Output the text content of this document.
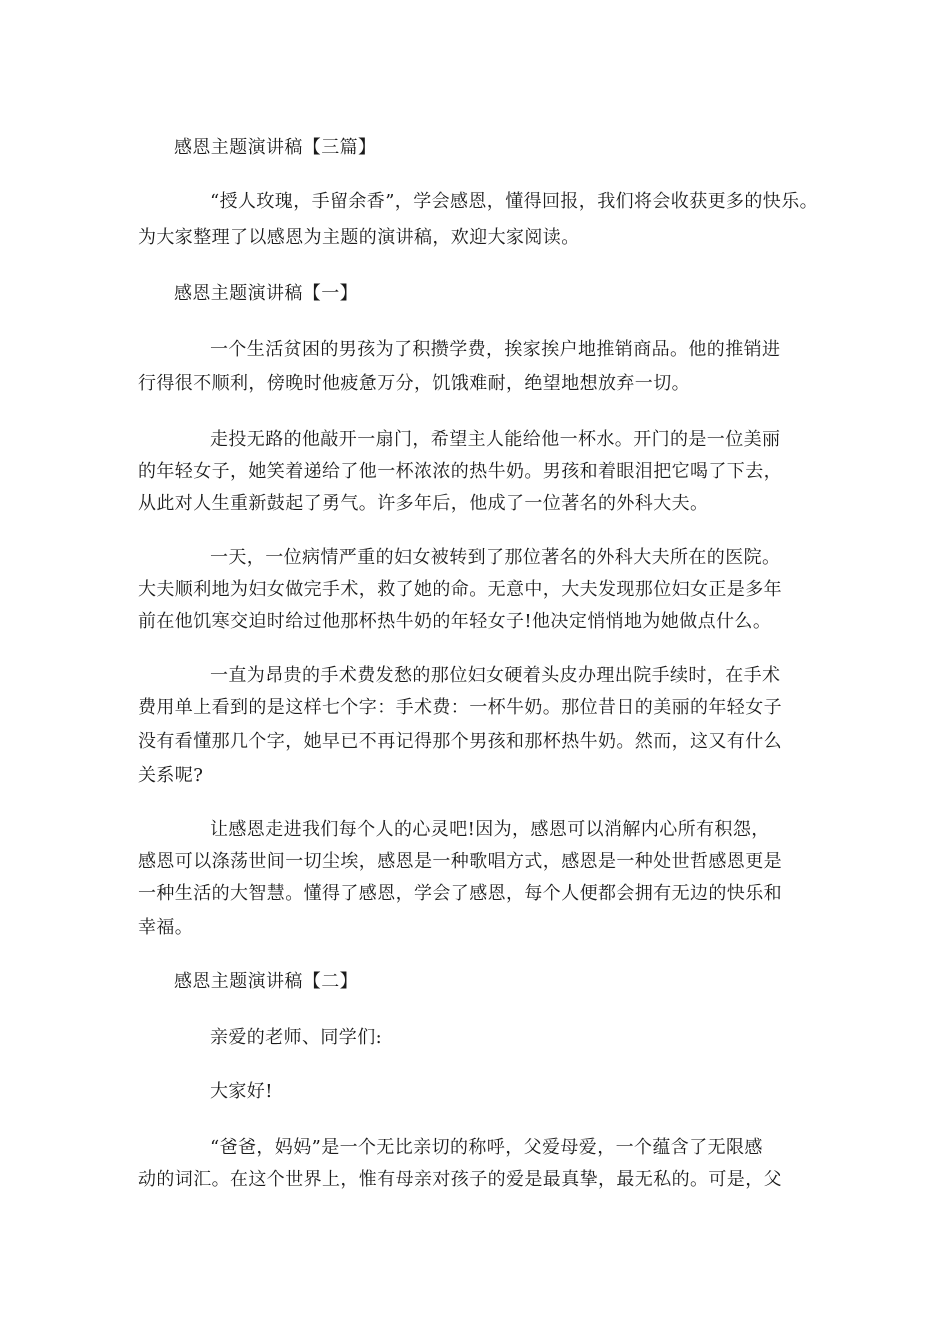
感恩主题演讲稿【三篇】
“授人玫瑰，手留余香”，学会感恩，懂得回报，我们将会收获更多的快乐。
为大家整理了以感恩为主题的演讲稿，欢迎大家阅读。
感恩主题演讲稿【一】
一个生活贫困的男孩为了积攒学费，挨家挨户地推销商品。他的推销进
行得很不顺利，傍晚时他疲惫万分，饥饿难耐，绝望地想放弃一切。
走投无路的他敲开一扇门，希望主人能给他一杯水。开门的是一位美丽
的年轻女子，她笑着递给了他一杯浓浓的热牛奶。男孩和着眼泪把它喝了下去，
从此对人生重新鼓起了勇气。许多年后，他成了一位著名的外科大夫。
一天，一位病情严重的妇女被转到了那位著名的外科大夫所在的医院。
大夫顺利地为妇女做完手术，救了她的命。无意中，大夫发现那位妇女正是多年
前在他饥寒交迫时给过他那杯热牛奶的年轻女子!他决定悄悄地为她做点什么。
一直为昂贵的手术费发愁的那位妇女硬着头皮办理出院手续时，在手术
费用单上看到的是这样七个字：手术费：一杯牛奶。那位昔日的美丽的年轻女子
没有看懂那几个字，她早已不再记得那个男孩和那杯热牛奶。然而，这又有什么
关系呢?
让感恩走进我们每个人的心灵吧!因为，感恩可以消解内心所有积怨，
感恩可以涤荡世间一切尘埃，感恩是一种歌唱方式，感恩是一种处世哲感恩更是
一种生活的大智慧。懂得了感恩，学会了感恩，每个人便都会拥有无边的快乐和
幸福。
感恩主题演讲稿【二】
亲爱的老师、同学们:
大家好!
“爸爸，妈妈”是一个无比亲切的称呼，父爱母爱，一个蕴含了无限感
动的词汇。在这个世界上，惟有母亲对孩子的爱是最真挚，最无私的。可是，父
